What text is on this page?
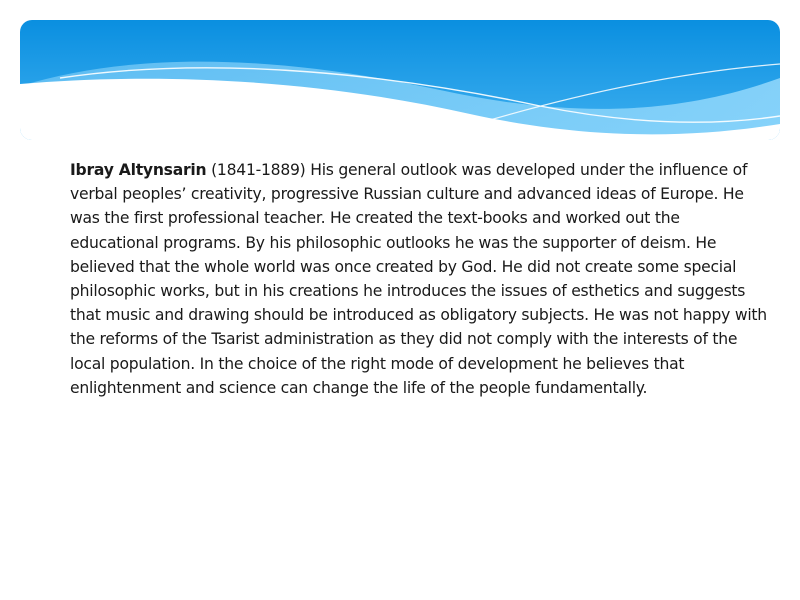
Ibray Altynsarin (1841-1889) His general outlook was developed under the influence of verbal peoples’ creativity, progressive Russian culture and advanced ideas of Europe. He was the first professional teacher. He created the text-books and worked out the educational programs. By his philosophic outlooks he was the supporter of deism. He believed that the whole world was once created by God. He did not create some special philosophic works, but in his creations he introduces the issues of esthetics and suggests that music and drawing should be introduced as obligatory subjects. He was not happy with the reforms of the Tsarist administration as they did not comply with the interests of the local population. In the choice of the right mode of development he believes that enlightenment and science can change the life of the people fundamentally.
